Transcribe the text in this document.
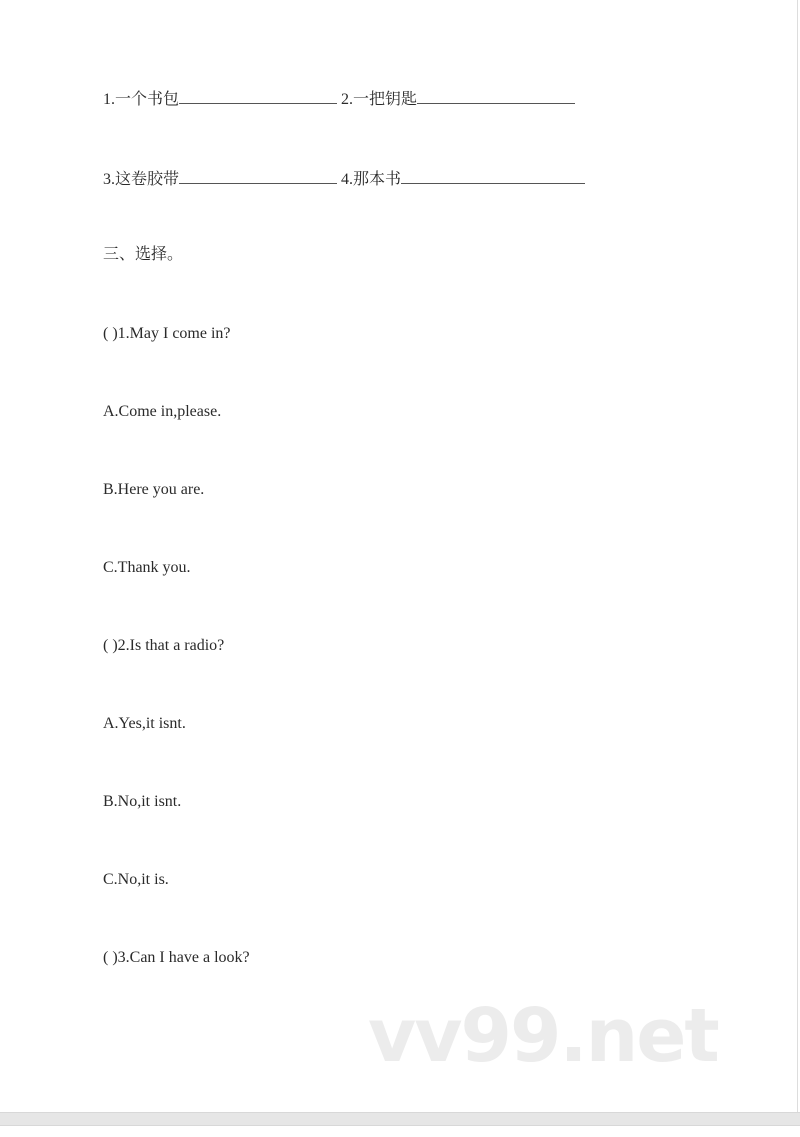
1.一个书包	2.一把钥匙
3.这卷胶带	4.那本书
三、选择。
( )1.May I come in?
A.Come in,please.
B.Here you are.
C.Thank you.
( )2.Is that a radio?
A.Yes,it isnt.
B.No,it isnt.
C.No,it is.
( )3.Can I have a look?
vv99.net
